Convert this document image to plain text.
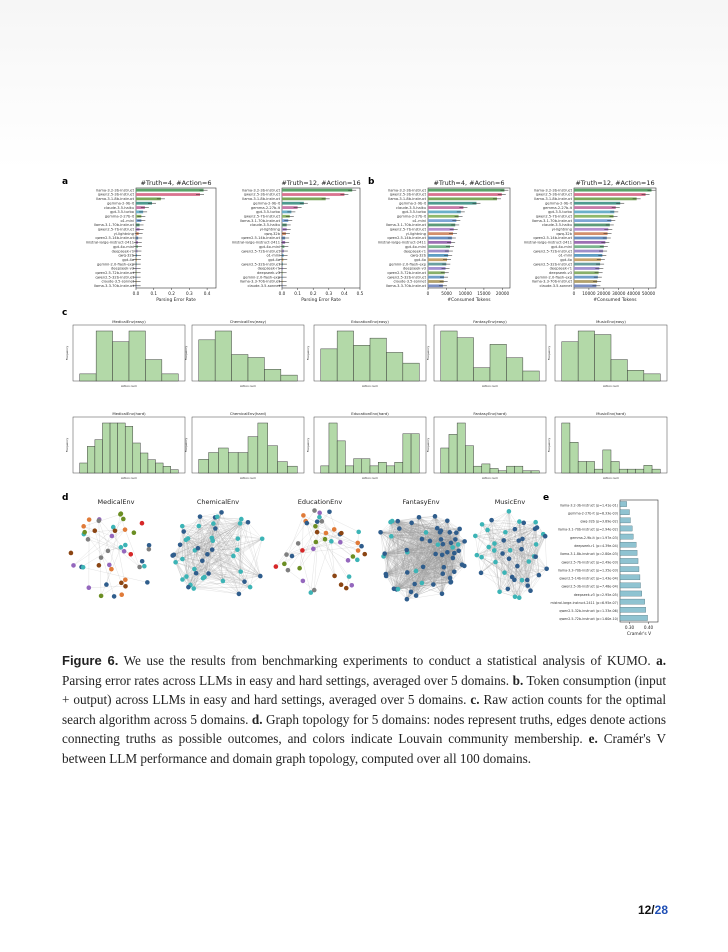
a	b
c
d	e
#Truth=4, #Action=6
llama-3.2-3b-instruct
qwen2.5-3b-instruct
llama-3.1-8b-instruct
gemma-2-9b-it
claude-3.5-haiku
gpt-3.5-turbo
gemma-2-27b-it
o1-mini
llama-3.1-70b-instruct
qwen2.5-7b-instruct
yi-lightning
qwen2.5-14b-instruct
mistral-large-instruct-2411
gpt-4o-mini
deepseek-r1
qwq-32b
gpt-4o
gemini-2.0-flash-exp
deepseek-v3
qwen2.5-72b-instruct
qwen2.5-32b-instruct
claude-3.5-sonnet
llama-3.3-70b-instruct
0.0	0.1	0.2	0.3	0.4
Parsing Error Rate
#Truth=12, #Action=16
llama-3.2-3b-instruct
qwen2.5-3b-instruct
llama-3.1-8b-instruct
gemma-2-9b-it
gemma-2-27b-it
gpt-3.5-turbo
qwen2.5-7b-instruct
llama-3.1-70b-instruct
claude-3.5-haiku
yi-lightning
qwq-32b
qwen2.5-14b-instruct
mistral-large-instruct-2411
gpt-4o-mini
qwen2.5-72b-instruct
o1-mini
gpt-4o
qwen2.5-32b-instruct
deepseek-r1
deepseek-v3
gemini-2.0-flash-exp
llama-3.3-70b-instruct
claude-3.5-sonnet
0.0 0.1 0.2 0.3 0.4 0.5
Parsing Error Rate
#Truth=4, #Action=6
llama-3.2-3b-instruct
qwen2.5-3b-instruct
llama-3.1-8b-instruct
gemma-2-9b-it
claude-3.5-haiku
gpt-3.5-turbo
gemma-2-27b-it
o1-mini
llama-3.1-70b-instruct
qwen2.5-7b-instruct
yi-lightning
qwen2.5-14b-instruct
mistral-large-instruct-2411
gpt-4o-mini
deepseek-r1
qwq-32b
gpt-4o
gemini-2.0-flash-exp
deepseek-v3
qwen2.5-72b-instruct
qwen2.5-32b-instruct
claude-3.5-sonnet
llama-3.3-70b-instruct
0	5000 10000 15000 20000
#Consumed Tokens
#Truth=12, #Action=16
llama-3.2-3b-instruct
qwen2.5-3b-instruct
llama-3.1-8b-instruct
gemma-2-9b-it
gemma-2-27b-it
gpt-3.5-turbo
qwen2.5-7b-instruct
llama-3.1-70b-instruct
claude-3.5-haiku
yi-lightning
qwq-32b
qwen2.5-14b-instruct
mistral-large-instruct-2411
gpt-4o-mini
qwen2.5-72b-instruct
o1-mini
gpt-4o
qwen2.5-32b-instruct
deepseek-r1
deepseek-v3
gemini-2.0-flash-exp
llama-3.3-70b-instruct
claude-3.5-sonnet
0 10000 20000 30000 40000 50000
#Consumed Tokens
MedicalEnv(easy)
Action num
Frequency
ChemicalEnv(easy)
Action num
Frequency
EducationEnv(easy)
Action num
Frequency
FantasyEnv(easy)
Action num
Frequency
MusicEnv(easy)
Action num
Frequency
MedicalEnv(hard)
Action num
Frequency
ChemicalEnv(hard)
Action num
Frequency
EducationEnv(hard)
Action num
Frequency
FantasyEnv(hard)
Action num
Frequency
MusicEnv(hard)
Action num
Frequency
MedicalEnv	ChemicalEnv	EducationEnv	FantasyEnv	MusicEnv	llama-3.2-3b-instruct (p=1.41e-01)
gemma-2-27b-it (p=8.33e-03)
qwq-32b (p=3.89e-02)
llama-3.1-70b-instruct (p=2.94e-02)
gemma-2-9b-it (p=1.97e-03)
deepseek-r1 (p=4.39e-04)
llama-3.1-8b-instruct (p=2.80e-03)
qwen2.5-7b-instruct (p=2.49e-03)
llama-3.3-70b-instruct (p=1.35e-03)
qwen2.5-14b-instruct (p=1.43e-04)
qwen2.5-3b-instruct (p=7.48e-04)
deepseek-v3 (p=2.95e-05)
mistral-large-instruct-2411 (p=6.95e-07)
qwen2.5-32b-instruct (p=1.33e-06)
qwen2.5-72b-instruct (p=1.60e-10)
0.30 0.40
Cramér's V
Figure 6. We use the results from benchmarking experiments to conduct a statistical analysis of KUMO. a. Parsing error rates across LLMs in easy and hard settings, averaged over 5 domains. b. Token consumption (input + output) across LLMs in easy and hard settings, averaged over 5 domains. c. Raw action counts for the optimal search algorithm across 5 domains. d. Graph topology for 5 domains: nodes represent truths, edges denote actions connecting truths as possible outcomes, and colors indicate Louvain community membership. e. Cramér's V between LLM performance and domain graph topology, computed over all 100 domains.
12/28
